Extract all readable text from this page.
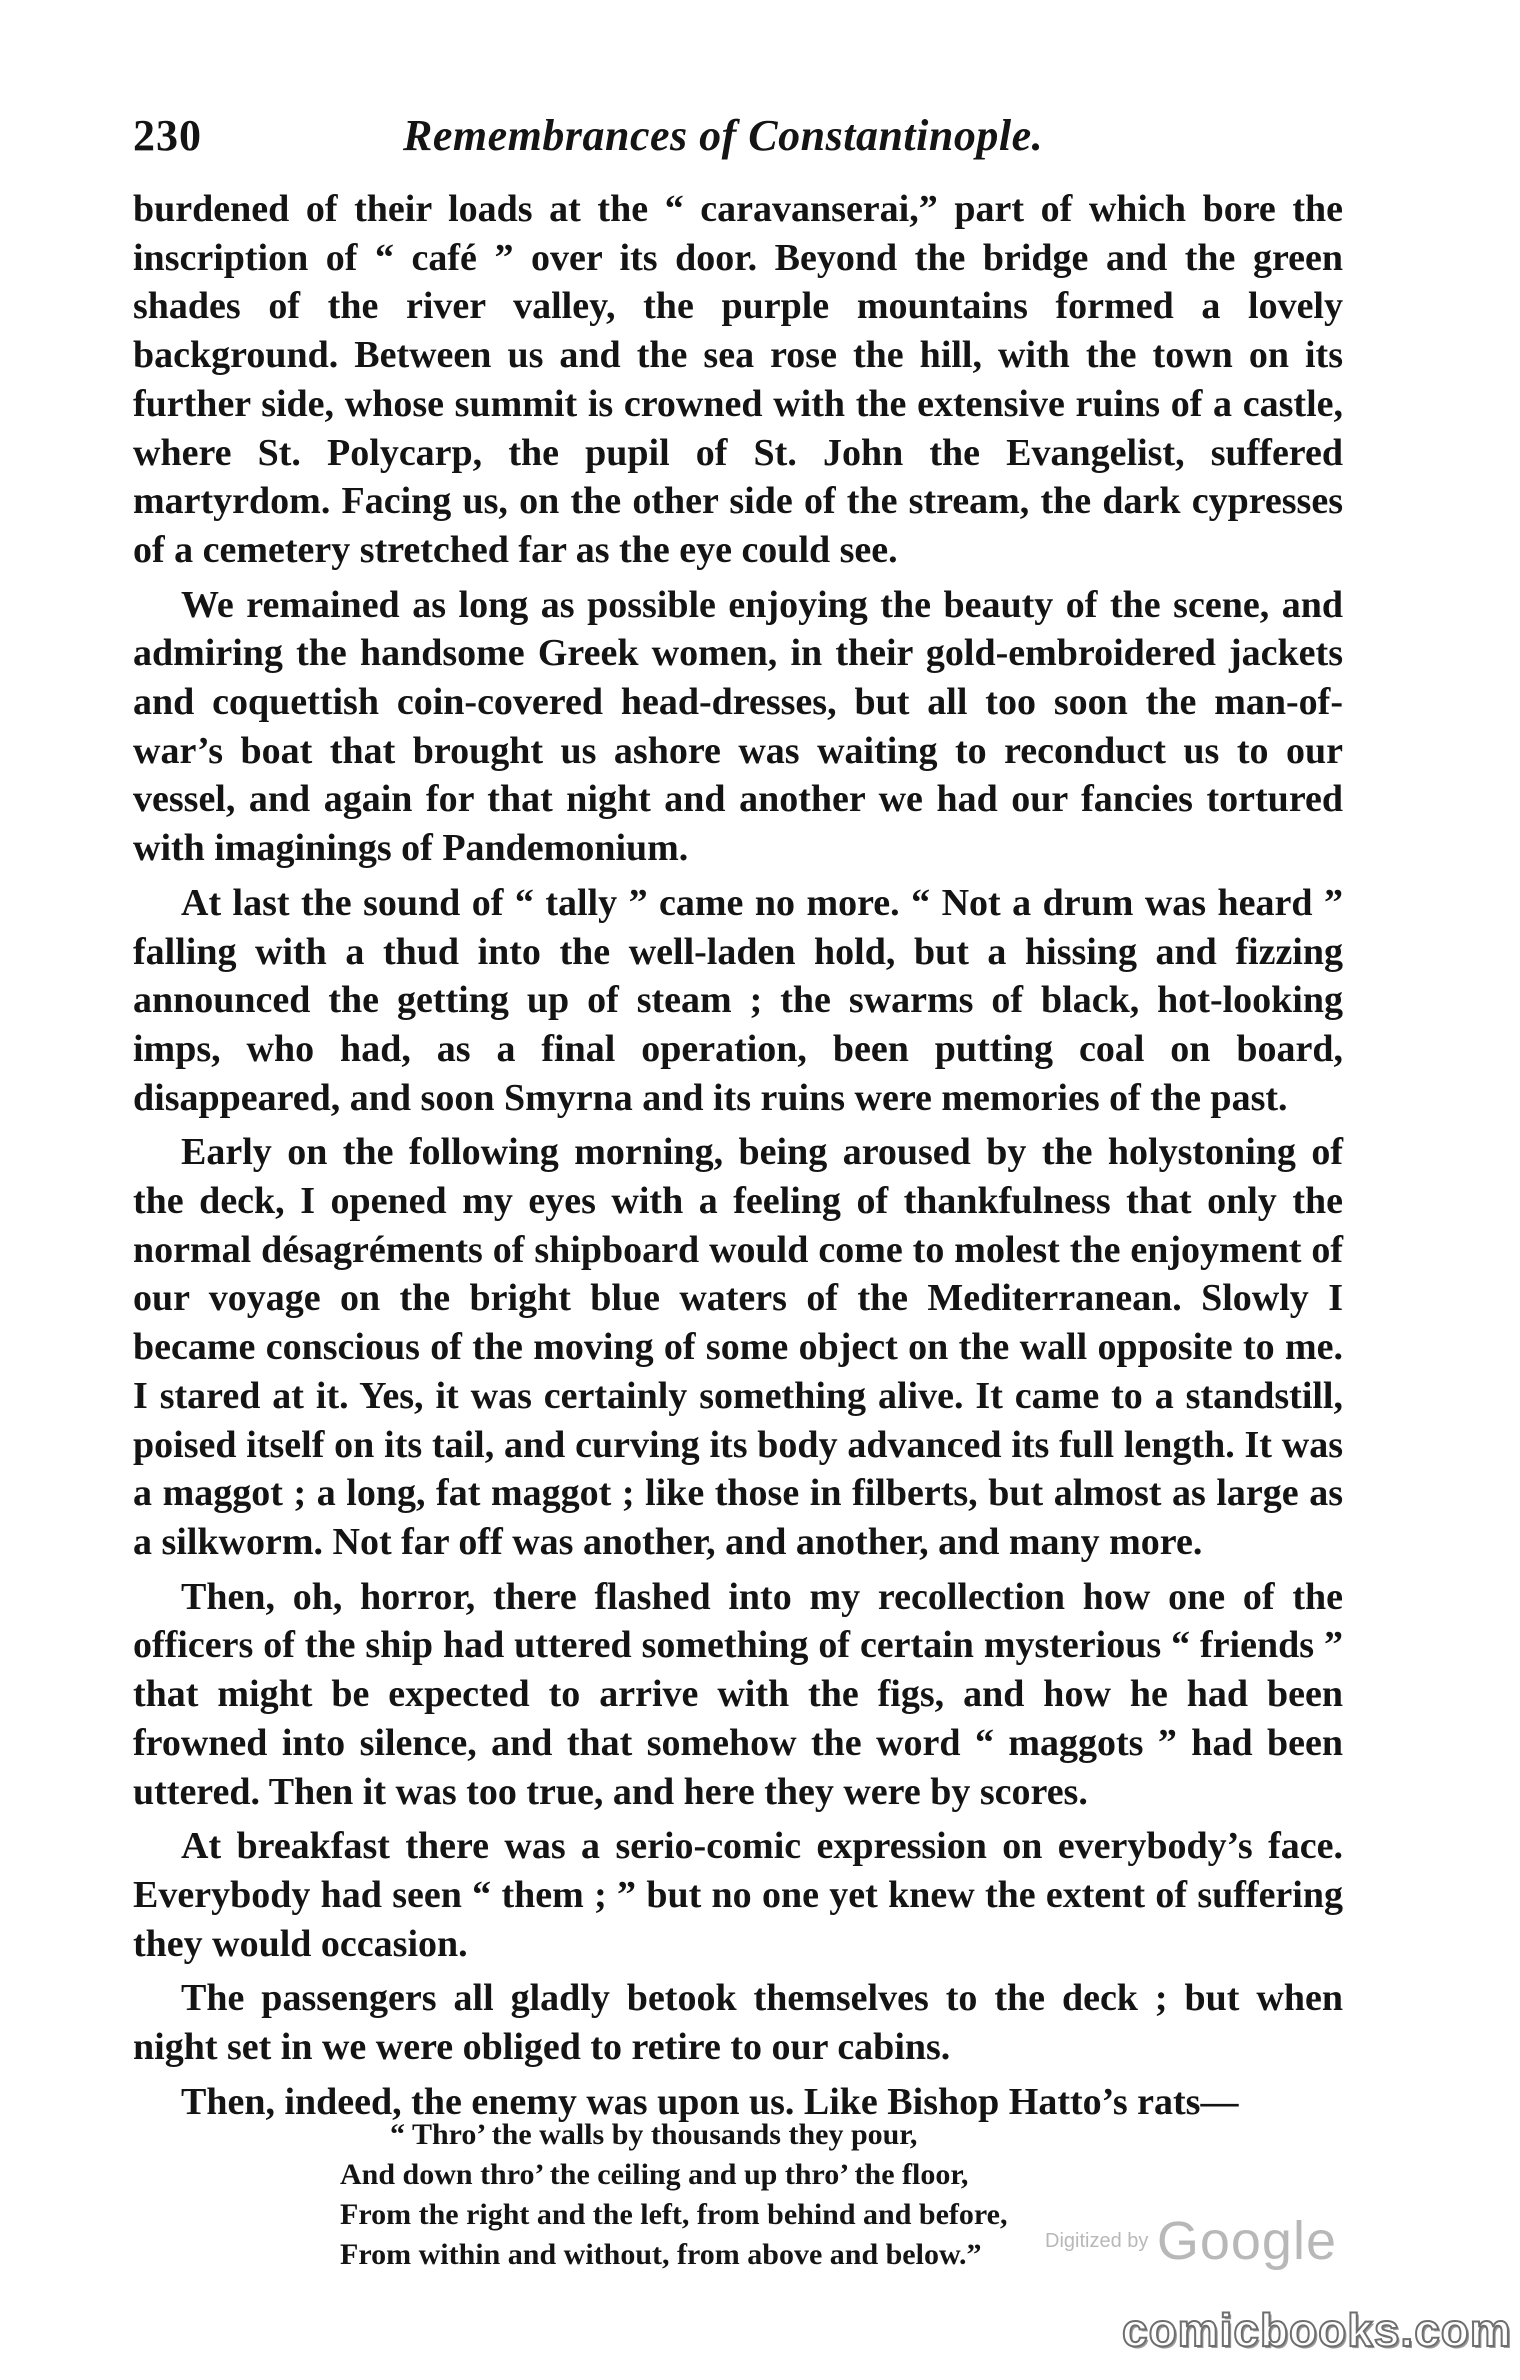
230	Remembrances of Constantinople.

burdened of their loads at the “ caravanserai,” part of which bore the inscription of “ café ” over its door. Beyond the bridge and the green shades of the river valley, the purple mountains formed a lovely background. Between us and the sea rose the hill, with the town on its further side, whose summit is crowned with the extensive ruins of a castle, where St. Polycarp, the pupil of St. John the Evangelist, suffered martyrdom. Facing us, on the other side of the stream, the dark cypresses of a cemetery stretched far as the eye could see.

We remained as long as possible enjoying the beauty of the scene, and admiring the handsome Greek women, in their gold-embroidered jackets and coquettish coin-covered head-dresses, but all too soon the man-of-war’s boat that brought us ashore was waiting to reconduct us to our vessel, and again for that night and another we had our fancies tortured with imaginings of Pandemonium.

At last the sound of “ tally ” came no more. “ Not a drum was heard ” falling with a thud into the well-laden hold, but a hissing and fizzing announced the getting up of steam ; the swarms of black, hot-looking imps, who had, as a final operation, been putting coal on board, disappeared, and soon Smyrna and its ruins were memories of the past.

Early on the following morning, being aroused by the holystoning of the deck, I opened my eyes with a feeling of thankfulness that only the normal désagréments of shipboard would come to molest the enjoyment of our voyage on the bright blue waters of the Mediterranean. Slowly I became conscious of the moving of some object on the wall opposite to me. I stared at it. Yes, it was certainly something alive. It came to a standstill, poised itself on its tail, and curving its body advanced its full length. It was a maggot ; a long, fat maggot ; like those in filberts, but almost as large as a silkworm. Not far off was another, and another, and many more.

Then, oh, horror, there flashed into my recollection how one of the officers of the ship had uttered something of certain mysterious “ friends ” that might be expected to arrive with the figs, and how he had been frowned into silence, and that somehow the word “ maggots ” had been uttered. Then it was too true, and here they were by scores.

At breakfast there was a serio-comic expression on everybody’s face. Everybody had seen “ them ; ” but no one yet knew the extent of suffering they would occasion.

The passengers all gladly betook themselves to the deck ; but when night set in we were obliged to retire to our cabins.

Then, indeed, the enemy was upon us. Like Bishop Hatto’s rats—

“ Thro’ the walls by thousands they pour,
And down thro’ the ceiling and up thro’ the floor,
From the right and the left, from behind and before,
From within and without, from above and below.”	Digitized by Google
comicbooks.com
